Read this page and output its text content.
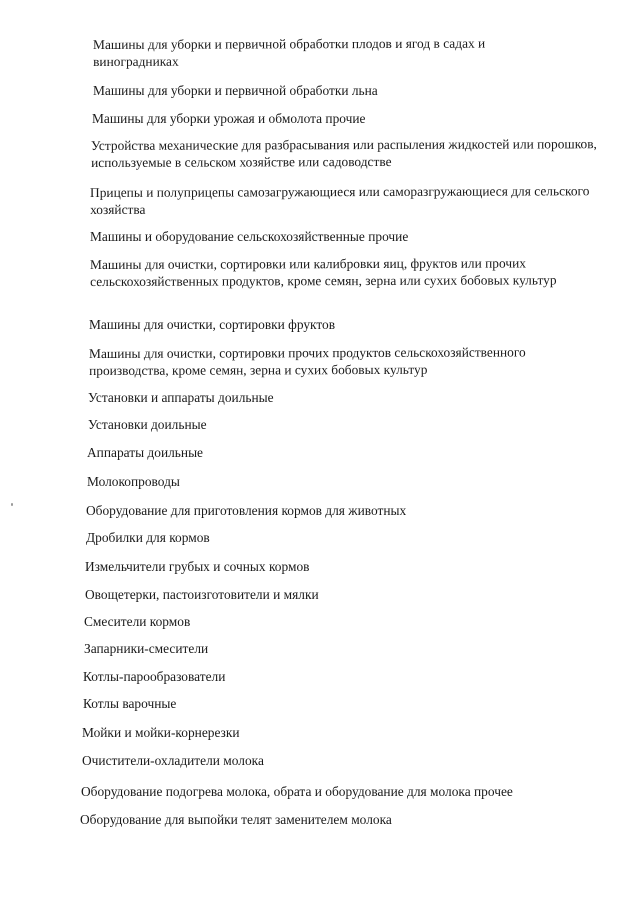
Машины для уборки и первичной обработки плодов и ягод в садах и виноградниках
Машины для уборки и первичной обработки льна
Машины для уборки урожая и обмолота прочие
Устройства механические для разбрасывания или распыления жидкостей или порошков, используемые в сельском хозяйстве или садоводстве
Прицепы и полуприцепы самозагружающиеся или саморазгружающиеся для сельского хозяйства
Машины и оборудование сельскохозяйственные прочие
Машины для очистки, сортировки или калибровки яиц, фруктов или прочих сельскохозяйственных продуктов, кроме семян, зерна или сухих бобовых культур
Машины для очистки, сортировки фруктов
Машины для очистки, сортировки прочих продуктов сельскохозяйственного производства, кроме семян, зерна и сухих бобовых культур
Установки и аппараты доильные
Установки доильные
Аппараты доильные
Молокопроводы
Оборудование для приготовления кормов для животных
Дробилки для кормов
Измельчители грубых и сочных кормов
Овощетерки, пастоизготовители и мялки
Смесители кормов
Запарники-смесители
Котлы-парообразователи
Котлы варочные
Мойки и мойки-корнерезки
Очистители-охладители молока
Оборудование подогрева молока, обрата и оборудование для молока прочее
Оборудование для выпойки телят заменителем молока
